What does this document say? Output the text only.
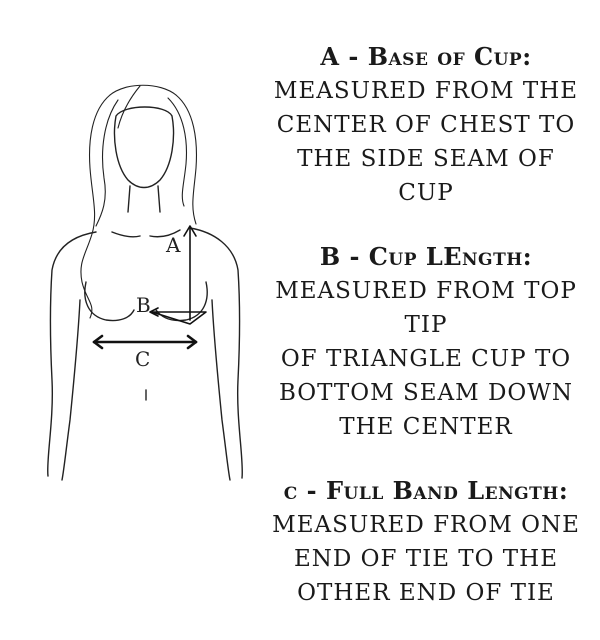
A
B
C
A - Base of Cup:
MEASURED FROM THE
CENTER OF CHEST TO
THE SIDE SEAM OF CUP
B - Cup LEngth:
MEASURED FROM TOP TIP
OF TRIANGLE CUP TO
BOTTOM SEAM DOWN
THE CENTER
c - Full Band Length:
MEASURED FROM ONE
END OF TIE TO THE
OTHER END OF TIE
